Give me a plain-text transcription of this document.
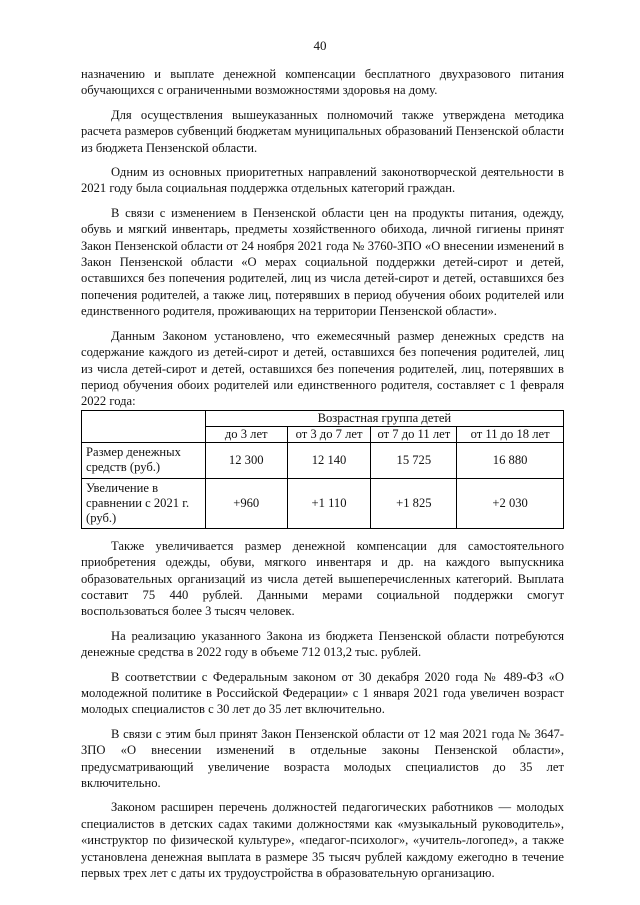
40

назначению и выплате денежной компенсации бесплатного двухразового питания обучающихся с ограниченными возможностями здоровья на дому.

Для осуществления вышеуказанных полномочий также утверждена методика расчета размеров субвенций бюджетам муниципальных образований Пензенской области из бюджета Пензенской области.

Одним из основных приоритетных направлений законотворческой деятельности в 2021 году была социальная поддержка отдельных категорий граждан.

В связи с изменением в Пензенской области цен на продукты питания, одежду, обувь и мягкий инвентарь, предметы хозяйственного обихода, личной гигиены принят Закон Пензенской области от 24 ноября 2021 года № 3760-ЗПО «О внесении изменений в Закон Пензенской области «О мерах социальной поддержки детей-сирот и детей, оставшихся без попечения родителей, лиц из числа детей-сирот и детей, оставшихся без попечения родителей, а также лиц, потерявших в период обучения обоих родителей или единственного родителя, проживающих на территории Пензенской области».

Данным Законом установлено, что ежемесячный размер денежных средств на содержание каждого из детей-сирот и детей, оставшихся без попечения родителей, лиц из числа детей-сирот и детей, оставшихся без попечения родителей, лиц, потерявших в период обучения обоих родителей или единственного родителя, составляет с 1 февраля 2022 года:

	Возрастная группа детей			
	до 3 лет	от 3 до 7 лет	от 7 до 11 лет	от 11 до 18 лет
Размер денежных средств (руб.)	12 300	12 140	15 725	16 880
Увеличение в сравнении с 2021 г. (руб.)	+960	+1 110	+1 825	+2 030

Также увеличивается размер денежной компенсации для самостоятельного приобретения одежды, обуви, мягкого инвентаря и др. на каждого выпускника образовательных организаций из числа детей вышеперечисленных категорий. Выплата составит 75 440 рублей. Данными мерами социальной поддержки смогут воспользоваться более 3 тысяч человек.

На реализацию указанного Закона из бюджета Пензенской области потребуются денежные средства в 2022 году в объеме 712 013,2 тыс. рублей.

В соответствии с Федеральным законом от 30 декабря 2020 года № 489-ФЗ «О молодежной политике в Российской Федерации» с 1 января 2021 года увеличен возраст молодых специалистов с 30 лет до 35 лет включительно.

В связи с этим был принят Закон Пензенской области от 12 мая 2021 года № 3647-ЗПО «О внесении изменений в отдельные законы Пензенской области», предусматривающий увеличение возраста молодых специалистов до 35 лет включительно.

Законом расширен перечень должностей педагогических работников — молодых специалистов в детских садах такими должностями как «музыкальный руководитель», «инструктор по физической культуре», «педагог-психолог», «учитель-логопед», а также установлена денежная выплата в размере 35 тысяч рублей каждому ежегодно в течение первых трех лет с даты их трудоустройства в образовательную организацию.
